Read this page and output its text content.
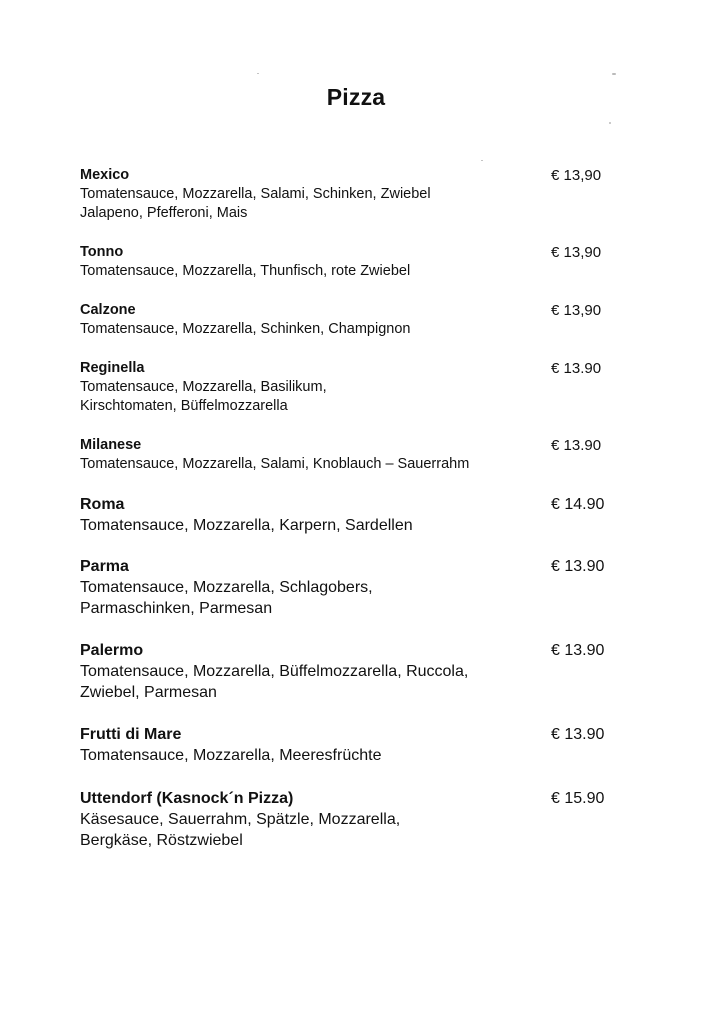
Pizza
Mexico
Tomatensauce, Mozzarella, Salami, Schinken, Zwiebel
Jalapeno, Pfefferoni, Mais
€ 13,90
Tonno
Tomatensauce, Mozzarella, Thunfisch, rote Zwiebel
€ 13,90
Calzone
Tomatensauce, Mozzarella, Schinken, Champignon
€ 13,90
Reginella
Tomatensauce, Mozzarella, Basilikum,
Kirschtomaten, Büffelmozzarella
€ 13.90
Milanese
Tomatensauce, Mozzarella, Salami, Knoblauch – Sauerrahm
€ 13.90
Roma
Tomatensauce, Mozzarella, Karpern, Sardellen
€ 14.90
Parma
Tomatensauce, Mozzarella, Schlagobers,
Parmaschinken, Parmesan
€ 13.90
Palermo
Tomatensauce, Mozzarella, Büffelmozzarella, Ruccola,
Zwiebel, Parmesan
€ 13.90
Frutti di Mare
Tomatensauce, Mozzarella, Meeresfrüchte
€ 13.90
Uttendorf (Kasnock´n Pizza)
Käsesauce, Sauerrahm, Spätzle, Mozzarella,
Bergkäse, Röstzwiebel
€ 15.90
